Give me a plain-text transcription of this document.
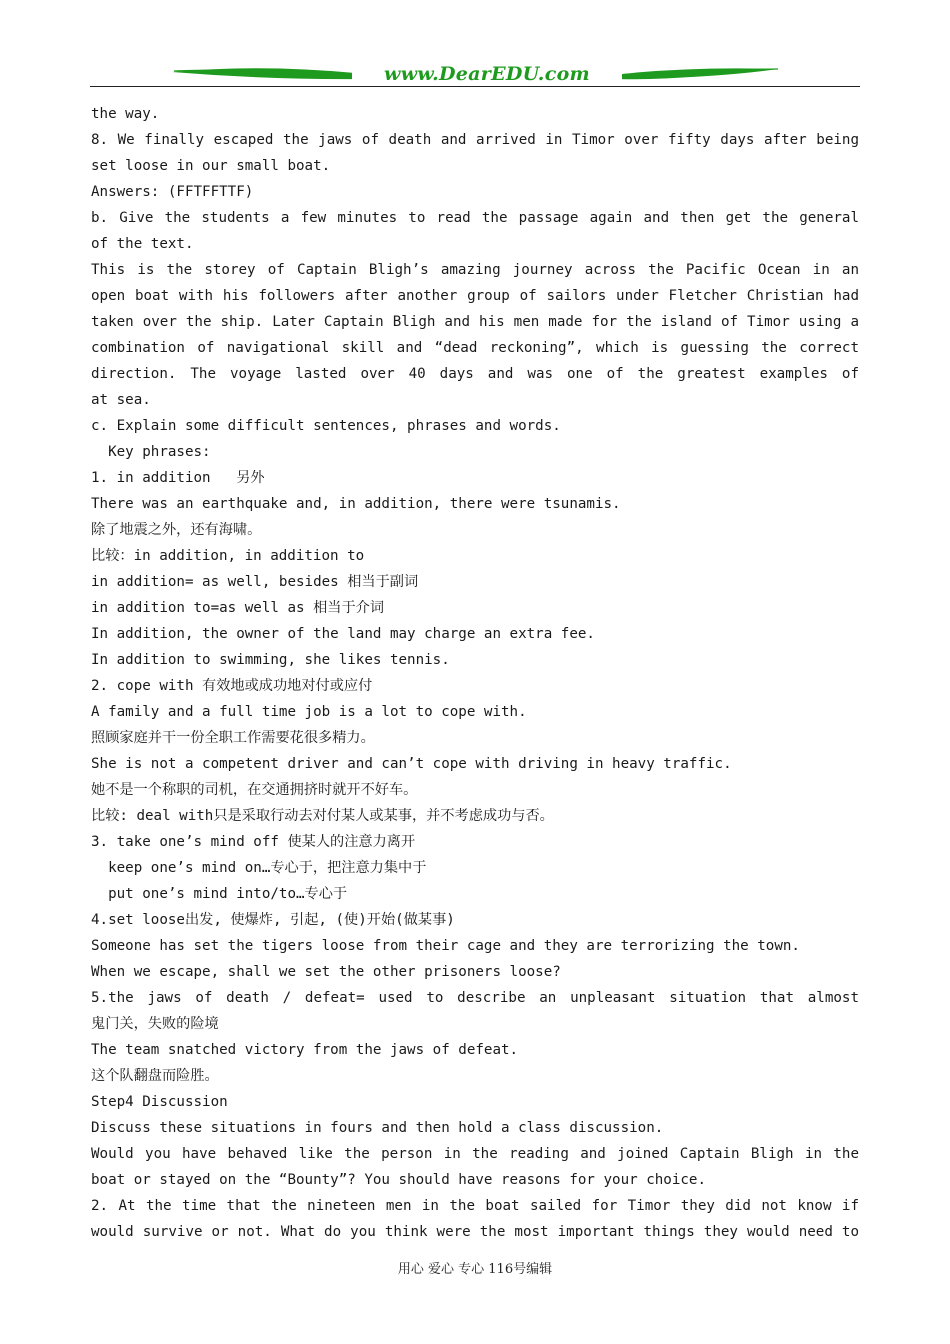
www.DearEDU.com
the way.
8. We finally escaped the jaws of death and arrived in Timor over fifty days after being
set loose in our small boat.
Answers: (FFTFFTTF)
b. Give the students a few minutes to read the passage again and then get the general
of the text.
This is the storey of Captain Bligh’s amazing journey across the Pacific Ocean in an
open boat with his followers after another group of sailors under Fletcher Christian had
taken over the ship. Later Captain Bligh and his men made for the island of Timor using a
combination of navigational skill and “dead reckoning”, which is guessing the correct
direction. The voyage lasted over 40 days and was one of the greatest examples of
at sea.
c. Explain some difficult sentences, phrases and words.
Key phrases:
1. in addition   另外
There was an earthquake and, in addition, there were tsunamis.
除了地震之外，还有海啸。
比较：in addition, in addition to
in addition= as well, besides 相当于副词
in addition to=as well as 相当于介词
In addition, the owner of the land may charge an extra fee.
In addition to swimming, she likes tennis.
2. cope with 有效地或成功地对付或应付
A family and a full time job is a lot to cope with.
照顾家庭并干一份全职工作需要花很多精力。
She is not a competent driver and can’t cope with driving in heavy traffic.
她不是一个称职的司机，在交通拥挤时就开不好车。
比较: deal with只是采取行动去对付某人或某事，并不考虑成功与否。
3. take one’s mind off 使某人的注意力离开
keep one’s mind on…专心于，把注意力集中于
put one’s mind into/to…专心于
4.set loose出发, 使爆炸, 引起, (使)开始(做某事)
Someone has set the tigers loose from their cage and they are terrorizing the town.
When we escape, shall we set the other prisoners loose?
5.the jaws of death / defeat= used to describe an unpleasant situation that almost
鬼门关，失败的险境
The team snatched victory from the jaws of defeat.
这个队翻盘而险胜。
Step4 Discussion
Discuss these situations in fours and then hold a class discussion.
Would you have behaved like the person in the reading and joined Captain Bligh in the
boat or stayed on the “Bounty”? You should have reasons for your choice.
2. At the time that the nineteen men in the boat sailed for Timor they did not know if
would survive or not. What do you think were the most important things they would need to
用心 爱心 专心 116号编辑
